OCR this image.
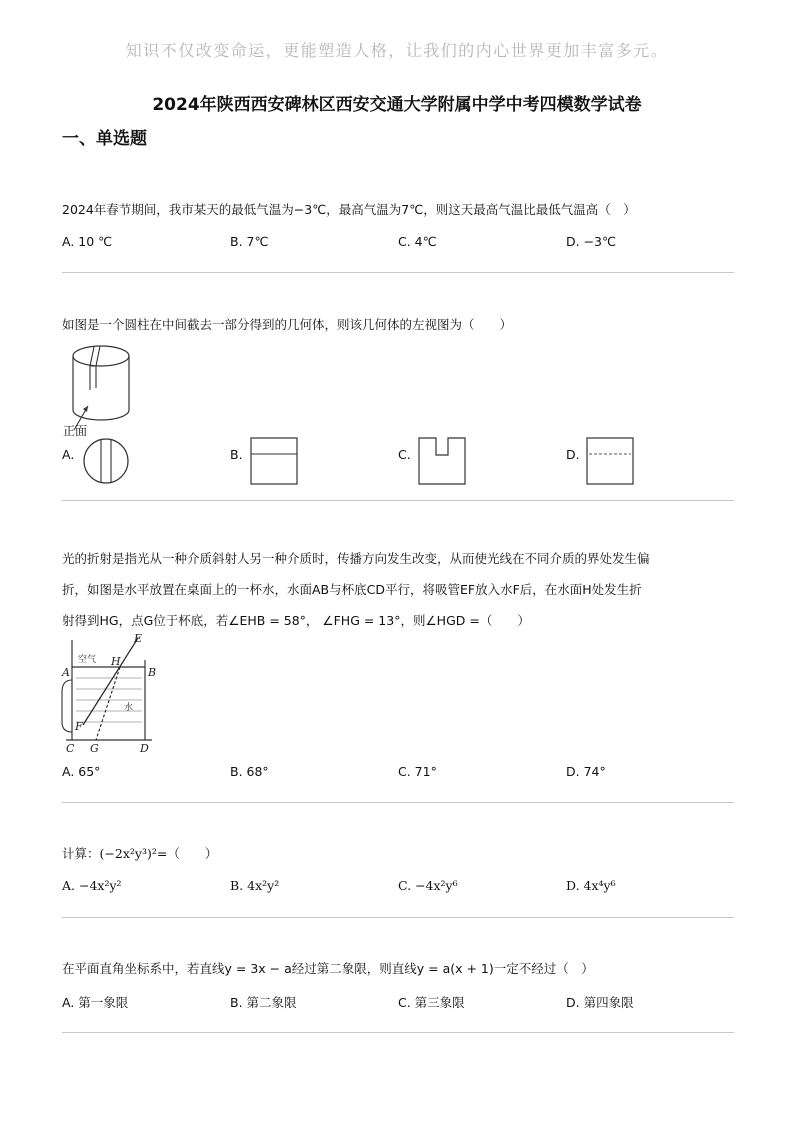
知识不仅改变命运，更能塑造人格，让我们的内心世界更加丰富多元。
2024年陕西西安碑林区西安交通大学附属中学中考四模数学试卷
一、单选题
2024年春节期间，我市某天的最低气温为−3℃，最高气温为7℃，则这天最高气温比最低气温高（　）
A. 10 ℃	B. 7℃	C. 4℃	D. −3℃
如图是一个圆柱在中间截去一部分得到的几何体，则该几何体的左视图为（　　）
正面
A.	B.	C.	D.
光的折射是指光从一种介质斜射人另一种介质时，传播方向发生改变，从而使光线在不同介质的界处发生偏
折，如图是水平放置在桌面上的一杯水，水面AB与杯底CD平行，将吸管EF放入水F后，在水面H处发生折
射得到HG，点G位于杯底，若∠EHB = 58°， ∠FHG = 13°，则∠HGD =（　　）
空气
水
E
H
A	B
F
C G	D
A. 65°	B. 68°	C. 71°	D. 74°
计算：(−2x²y³)²=（　　）
A. −4x²y²	B. 4x²y²	C. −4x²y⁶	D. 4x⁴y⁶
在平面直角坐标系中，若直线y = 3x − a经过第二象限，则直线y = a(x + 1)一定不经过（　）
A. 第一象限	B. 第二象限	C. 第三象限	D. 第四象限
